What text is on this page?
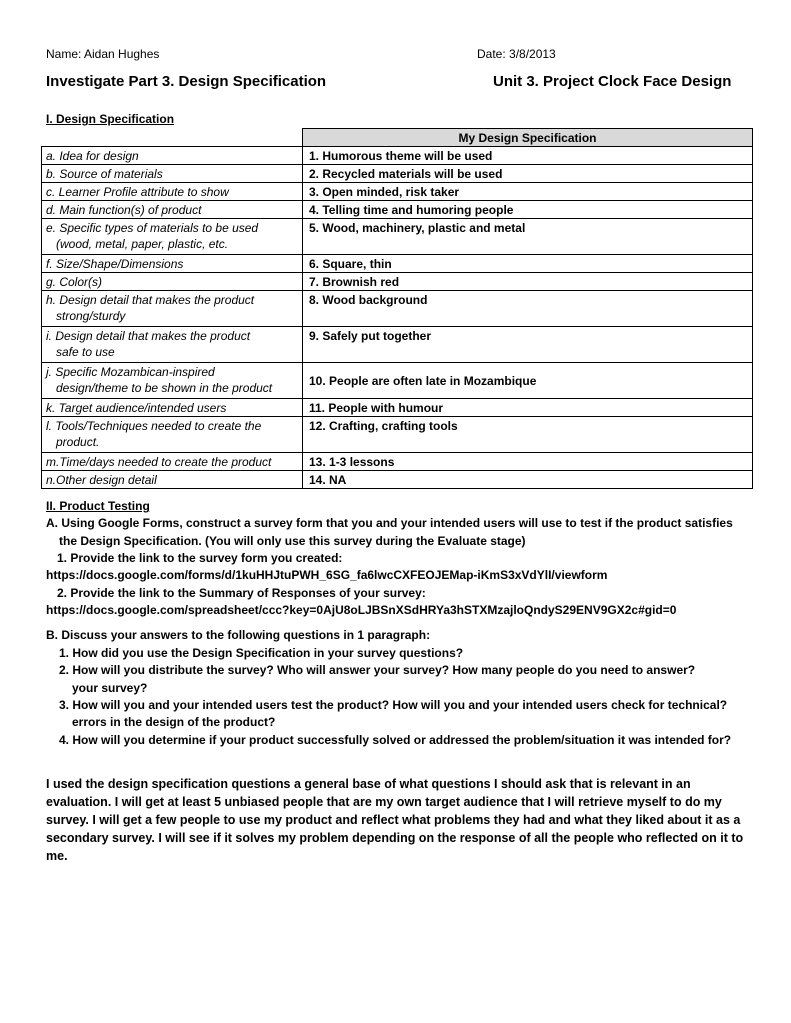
Name: Aidan Hughes	Date: 3/8/2013
Investigate Part 3. Design Specification	Unit 3. Project Clock Face Design
I. Design Specification
	My Design Specification
a. Idea for design	1. Humorous theme will be used
b. Source of materials	2. Recycled materials will be used
c. Learner Profile attribute to show	3. Open minded, risk taker
d. Main function(s) of product	4. Telling time and humoring people
e. Specific types of materials to be used
(wood, metal, paper, plastic, etc.	5. Wood, machinery, plastic and metal
f. Size/Shape/Dimensions	6. Square, thin
g. Color(s)	7. Brownish red
h. Design detail that makes the product
strong/sturdy	8. Wood background
i. Design detail that makes the product
safe to use	9. Safely put together
j. Specific Mozambican-inspired
design/theme to be shown in the product	10. People are often late in Mozambique
k. Target audience/intended users	11. People with humour
l. Tools/Techniques needed to create the
product.	12. Crafting, crafting tools
m.Time/days needed to create the product	13. 1-3 lessons
n.Other design detail	14. NA
II. Product Testing
A. Using Google Forms, construct a survey form that you and your intended users will use to test if the product satisfies
the Design Specification. (You will only use this survey during the Evaluate stage)
1. Provide the link to the survey form you created:
https://docs.google.com/forms/d/1kuHHJtuPWH_6SG_fa6lwcCXFEOJEMap-iKmS3xVdYlI/viewform
2. Provide the link to the Summary of Responses of your survey:
https://docs.google.com/spreadsheet/ccc?key=0AjU8oLJBSnXSdHRYa3hSTXMzajloQndyS29ENV9GX2c#gid=0
B. Discuss your answers to the following questions in 1 paragraph:
1. How did you use the Design Specification in your survey questions?
2. How will you distribute the survey? Who will answer your survey? How many people do you need to answer?
your survey?
3. How will you and your intended users test the product? How will you and your intended users check for technical?
errors in the design of the product?
4. How will you determine if your product successfully solved or addressed the problem/situation it was intended for?
I used the design specification questions a general base of what questions I should ask that is relevant in an evaluation. I will get at least 5 unbiased people that are my own target audience that I will retrieve myself to do my survey. I will get a few people to use my product and reflect what problems they had and what they liked about it as a secondary survey. I will see if it solves my problem depending on the response of all the people who reflected on it to me.
